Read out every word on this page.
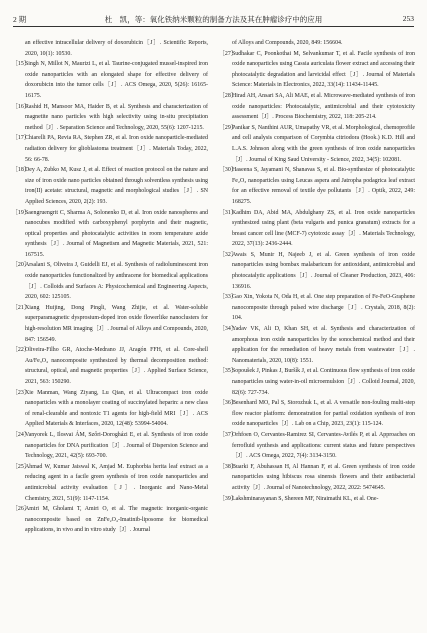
2 期	杜　凯，等：氧化铁纳米颗粒的制备方法及其在肿瘤诊疗中的应用	253
an effective intracellular delivery of doxorubicin［J］. Scientific Reports, 2020, 10(1): 10530.
［15］
Singh N, Millot N, Maurizi L, et al. Taurine-conjugated mussel-inspired iron oxide nanoparticles with an elongated shape for effective delivery of doxorubicin into the tumor cells［J］. ACS Omega, 2020, 5(26): 16165-16175.
［16］
Rashid H, Mansoor MA, Haider B, et al. Synthesis and characterization of magnetite nano particles with high selectivity using in-situ precipitation method［J］. Separation Science and Technology, 2020, 55(6): 1207-1215.
［17］
Chiarelli PA, Revia RA, Stephen ZR, et al. Iron oxide nanoparticle-mediated radiation delivery for glioblastoma treatment［J］. Materials Today, 2022, 56: 66-78.
［18］
Dey A, Zubko M, Kusz J, et al. Effect of reaction protocol on the nature and size of iron oxide nano particles obtained through solventless synthesis using iron(II) acetate: structural, magnetic and morphological studies［J］. SN Applied Sciences, 2020, 2(2): 193.
［19］
Saengruengrit C, Sharma A, Solonenko D, et al. Iron oxide nanospheres and nanocubes modified with carboxyphenyl porphyrin and their magnetic, optical properties and photocatalytic activities in room temperature azide synthesis［J］. Journal of Magnetism and Magnetic Materials, 2021, 521: 167515.
［20］
Arsalani S, Oliveira J, Guidelli EJ, et al. Synthesis of radioluminescent iron oxide nanoparticles functionalized by anthracene for biomedical applications［J］. Colloids and Surfaces A: Physicochemical and Engineering Aspects, 2020, 602: 125105.
［21］
Xiang Huijing, Dong Pingli, Wang Zhijie, et al. Water-soluble superparamagnetic dysprosium-doped iron oxide flowerlike nanoclusters for high-resolution MR imaging［J］. Journal of Alloys and Compounds, 2020, 847: 156549.
［22］
Oliveira-Filho GR, Atoche-Medrano JJ, Aragón FFH, et al. Core-shell Au/Fe₃O₄ nanocomposite synthesized by thermal decomposition method: structural, optical, and magnetic properties［J］. Applied Surface Science, 2021, 563: 150290.
［23］
Xie Manman, Wang Ziyang, Lu Qian, et al. Ultracompact iron oxide nanoparticles with a monolayer coating of succinylated heparin: a new class of renal-clearable and nontoxic T1 agents for high-field MRI［J］. ACS Applied Materials & Interfaces, 2020, 12(48): 53994-54004.
［24］
Vanyorek L, Ilosvai ÁM, Szőri-Dorogházi E, et al. Synthesis of iron oxide nanoparticles for DNA purification［J］. Journal of Dispersion Science and Technology, 2021, 42(5): 693-700.
［25］
Ahmad W, Kumar Jaiswal K, Amjad M. Euphorbia herita leaf extract as a reducing agent in a facile green synthesis of iron oxide nanoparticles and antimicrobial activity evaluation［J］. Inorganic and Nano-Metal Chemistry, 2021, 51(9): 1147-1154.
［26］
Amiri M, Gholami T, Amiri O, et al. The magnetic inorganic-organic nanocomposite based on ZnFe₂O₄-Imatinib-liposome for biomedical applications, in vivo and in vitro study［J］. Journal
of Alloys and Compounds, 2020, 849: 156604.
［27］
Sudhakar C, Poonkothai M, Selvankumar T, et al. Facile synthesis of iron oxide nanoparticles using Cassia auriculata flower extract and accessing their photocatalytic degradation and larvicidal effect［J］. Journal of Materials Science: Materials in Electronics, 2022, 33(14): 11434-11445.
［28］
Hirad AH, Ansari SA, Ali MAE, et al. Microwave-mediated synthesis of iron oxide nanoparticles: Photocatalytic, antimicrobial and their cytotoxicity assessment［J］. Process Biochemistry, 2022, 118: 205-214.
［29］
Panikar S, Nanthini AUR, Umapathy VR, et al. Morphological, chemoprofile and cell analysis comparison of Corymbia citriodora (Hook.) K.D. Hill and L.A.S. Johnson along with the green synthesis of iron oxide nanoparticles［J］. Journal of King Saud University - Science, 2022, 34(5): 102081.
［30］
Haseena S, Jayamani N, Shanavas S, et al. Bio-synthesize of photocatalytic Fe₂O₃ nanoparticles using Leucas aspera and Jatropha podagrica leaf extract for an effective removal of textile dye pollutants［J］. Optik, 2022, 249: 168275.
［31］
Kadhim DA, Abid MA, Abdulghany ZS, et al. Iron oxide nanoparticles synthesized using plant (beta vulgaris and punica granatum) extracts for a breast cancer cell line (MCF-7) cytotoxic assay［J］. Materials Technology, 2022, 37(13): 2436-2444.
［32］
Awais S, Munir H, Najeeb J, et al. Green synthesis of iron oxide nanoparticles using bombax malabaricum for antioxidant, antimicrobial and photocatalytic applications［J］. Journal of Cleaner Production, 2023, 406: 136916.
［33］
Gao Xin, Yokota N, Oda H, et al. One step preparation of Fe-FeO-Graphene nanocomposite through pulsed wire discharge［J］. Crystals, 2018, 8(2): 104.
［34］
Yadav VK, Ali D, Khan SH, et al. Synthesis and characterization of amorphous iron oxide nanoparticles by the sonochemical method and their application for the remediation of heavy metals from wastewater［J］. Nanomaterials, 2020, 10(8): 1551.
［35］
Sopoušek J, Pinkas J, Buršík J, et al. Continuous flow synthesis of iron oxide nanoparticles using water-in-oil microemulsion［J］. Colloid Journal, 2020, 82(6): 727-734.
［36］
Besenhard MO, Pal S, Storozhuk L, et al. A versatile non-fouling multi-step flow reactor platform: demonstration for partial oxidation synthesis of iron oxide nanoparticles［J］. Lab on a Chip, 2023, 23(1): 115-124.
［37］
Orhfoen O, Cervantes-Ramirez SI, Cervantes-Avilés P, et al. Approaches on ferrofluid synthesis and applications: current status and future perspectives［J］. ACS Omega, 2022, 7(4): 3134-3150.
［38］
Buarki F, Abuhassan H, Al Hannan F, et al. Green synthesis of iron oxide nanoparticles using hibiscus rosa sinensis flowers and their antibacterial activity［J］. Journal of Nanotechnology, 2022, 2022: 5474645.
［39］
Lakshminarayanan S, Shereen MF, Niraimathi KL, et al. One-
